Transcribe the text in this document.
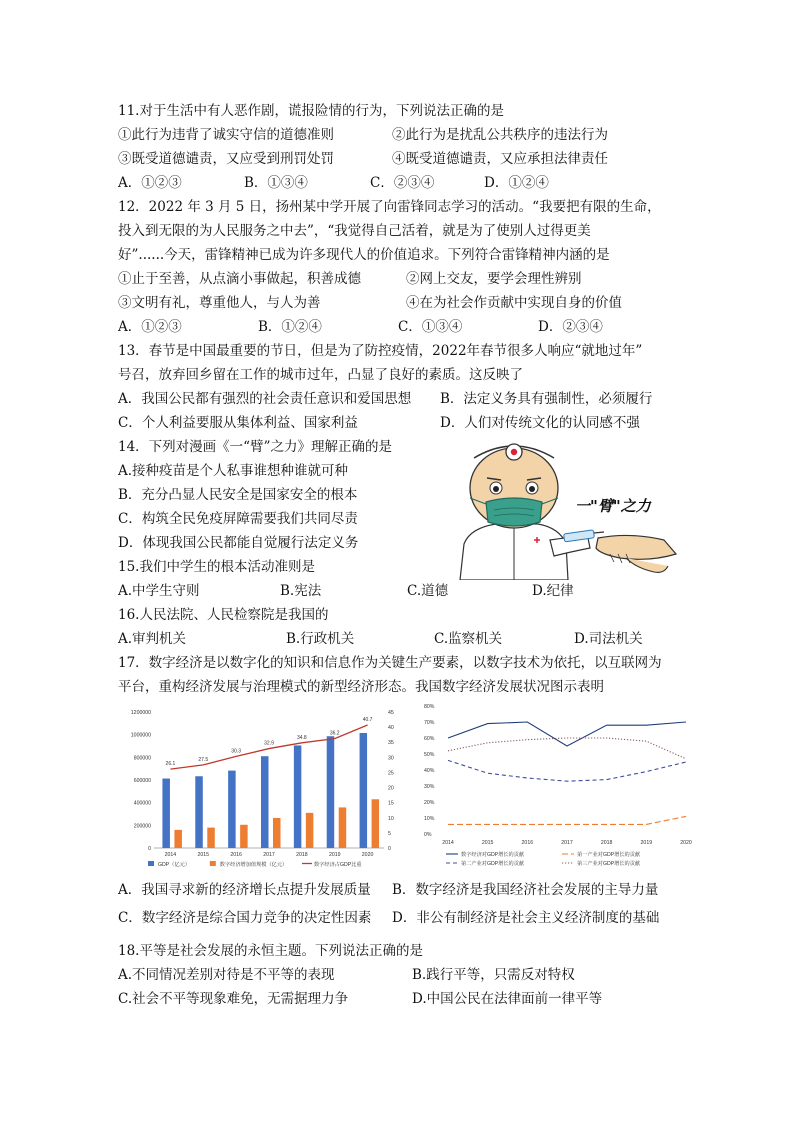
11.对于生活中有人恶作剧，谎报险情的行为，下列说法正确的是
①此行为违背了诚实守信的道德准则	②此行为是扰乱公共秩序的违法行为
③既受道德谴责，又应受到刑罚处罚	④既受道德谴责，又应承担法律责任
A．①②③	B．①③④	C．②③④	D．①②④
12．2022 年 3 月 5 日，扬州某中学开展了向雷锋同志学习的活动。“我要把有限的生命，
投入到无限的为人民服务之中去”，“我觉得自己活着，就是为了使别人过得更美
好”......今天，雷锋精神已成为许多现代人的价值追求。下列符合雷锋精神内涵的是
①止于至善，从点滴小事做起，积善成德	②网上交友，要学会理性辨别
③文明有礼，尊重他人，与人为善	④在为社会作贡献中实现自身的价值
A．①②③	B．①②④	C．①③④	D．②③④
13．春节是中国最重要的节日，但是为了防控疫情，2022年春节很多人响应“就地过年”
号召，放弃回乡留在工作的城市过年，凸显了良好的素质。这反映了
A．我国公民都有强烈的社会责任意识和爱国思想 B．法定义务具有强制性，必须履行
C．个人利益要服从集体利益、国家利益	D．人们对传统文化的认同感不强
14．下列对漫画《一“臂”之力》理解正确的是
A.接种疫苗是个人私事谁想种谁就可种
B．充分凸显人民安全是国家安全的根本
C．构筑全民免疫屏障需要我们共同尽责
D．体现我国公民都能自觉履行法定义务
一"臂"之力
15.我们中学生的根本活动准则是
A.中学生守则	B.宪法	C.道德	D.纪律
16.人民法院、人民检察院是我国的
A.审判机关	B.行政机关	C.监察机关	D.司法机关
17．数字经济是以数字化的知识和信息作为关键生产要素，以数字技术为依托，以互联网为
平台，重构经济发展与治理模式的新型经济形态。我国数字经济发展状况图示表明
0
200000
400000
600000
800000
1000000
1200000
0
5
10
15
20
25
30
35
40
45
2014	2015	2016	2017	2018	2019	2020
26.1
27.5
30.3
32.9
34.8
36.2
40.7
GDP（亿元）	数字经济增加值规模（亿元）	数字经济占GDP比重
0%
10%
20%
30%
40%
50%
60%
70%
80%
2014	2015	2016	2017	2018	2019	2020
数字经济对GDP增长的贡献	第一产业对GDP增长的贡献
第二产业对GDP增长的贡献	第三产业对GDP增长的贡献
A．我国寻求新的经济增长点提升发展质量 B．数字经济是我国经济社会发展的主导力量
C．数字经济是综合国力竞争的决定性因素 D．非公有制经济是社会主义经济制度的基础
18.平等是社会发展的永恒主题。下列说法正确的是
A.不同情况差别对待是不平等的表现	B.践行平等，只需反对特权
C.社会不平等现象难免，无需据理力争	D.中国公民在法律面前一律平等
